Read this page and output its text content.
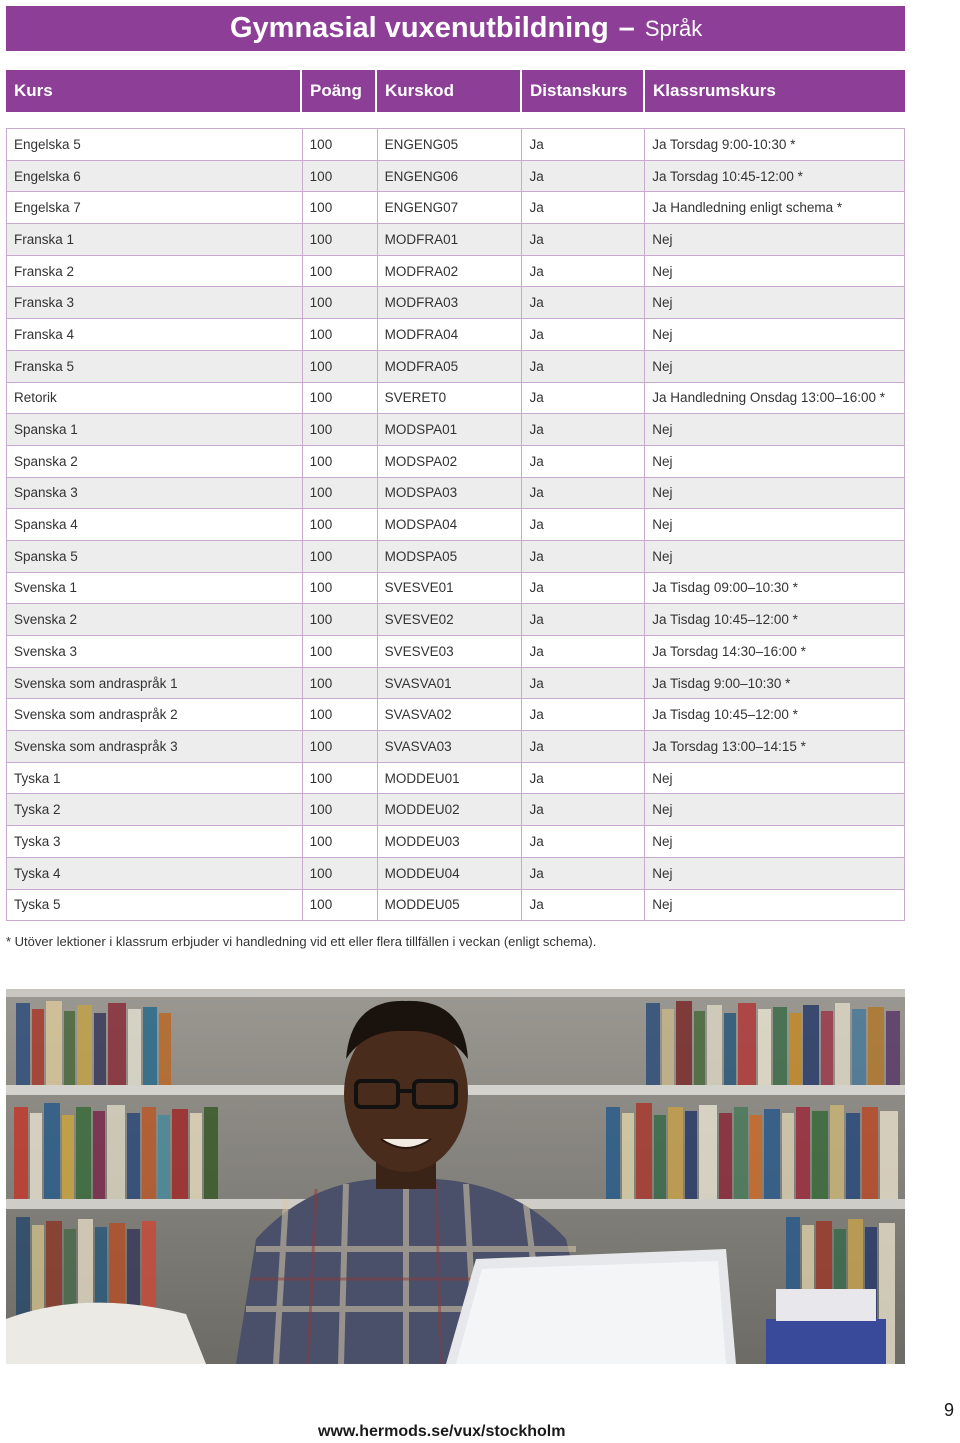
Gymnasial vuxenutbildning – Språk
Kurs	Poäng	Kurskod	Distanskurs	Klassrumskurs
Engelska 5	100	ENGENG05	Ja	Ja Torsdag 9:00-10:30 *
Engelska 6	100	ENGENG06	Ja	Ja Torsdag 10:45-12:00 *
Engelska 7	100	ENGENG07	Ja	Ja Handledning enligt schema *
Franska 1	100	MODFRA01	Ja	Nej
Franska 2	100	MODFRA02	Ja	Nej
Franska 3	100	MODFRA03	Ja	Nej
Franska 4	100	MODFRA04	Ja	Nej
Franska 5	100	MODFRA05	Ja	Nej
Retorik	100	SVERET0	Ja	Ja Handledning Onsdag 13:00–16:00 *
Spanska 1	100	MODSPA01	Ja	Nej
Spanska 2	100	MODSPA02	Ja	Nej
Spanska 3	100	MODSPA03	Ja	Nej
Spanska 4	100	MODSPA04	Ja	Nej
Spanska 5	100	MODSPA05	Ja	Nej
Svenska 1	100	SVESVE01	Ja	Ja Tisdag 09:00–10:30 *
Svenska 2	100	SVESVE02	Ja	Ja Tisdag 10:45–12:00 *
Svenska 3	100	SVESVE03	Ja	Ja Torsdag 14:30–16:00 *
Svenska som andraspråk 1	100	SVASVA01	Ja	Ja Tisdag 9:00–10:30 *
Svenska som andraspråk 2	100	SVASVA02	Ja	Ja Tisdag 10:45–12:00 *
Svenska som andraspråk 3	100	SVASVA03	Ja	Ja Torsdag 13:00–14:15 *
Tyska 1	100	MODDEU01	Ja	Nej
Tyska 2	100	MODDEU02	Ja	Nej
Tyska 3	100	MODDEU03	Ja	Nej
Tyska 4	100	MODDEU04	Ja	Nej
Tyska 5	100	MODDEU05	Ja	Nej
* Utöver lektioner i klassrum erbjuder vi handledning vid ett eller flera tillfällen i veckan (enligt schema).
www.hermods.se/vux/stockholm
9
